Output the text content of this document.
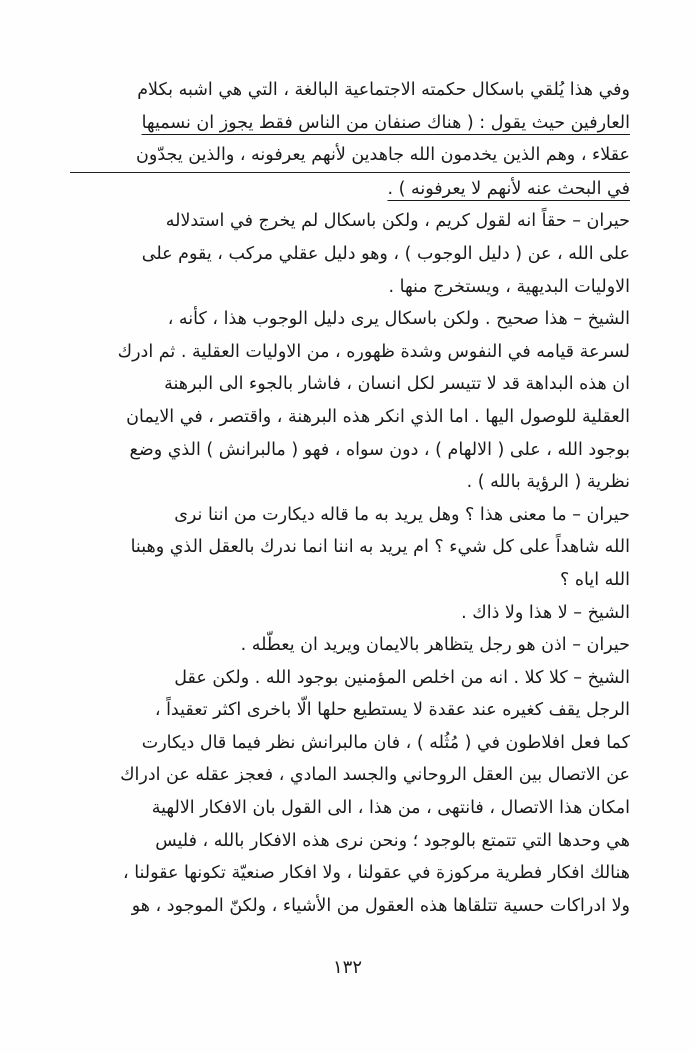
وفي هذا يُلقي باسكال حكمته الاجتماعية البالغة ، التي هي اشبه بكلام
العارفين حيث يقول : ( هناك صنفان من الناس فقط يجوز ان نسميها
عقلاء ، وهم الذين يخدمون الله جاهدين لأنهم يعرفونه ، والذين يجدّون
في البحث عنه لأنهم لا يعرفونه ) .
حيران – حقاً انه لقول كريم ، ولكن باسكال لم يخرج في استدلاله
على الله ، عن ( دليل الوجوب ) ، وهو دليل عقلي مركب ، يقوم على
الاوليات البديهية ، ويستخرج منها .
الشيخ – هذا صحيح . ولكن باسكال يرى دليل الوجوب هذا ، كأنه ،
لسرعة قيامه في النفوس وشدة ظهوره ، من الاوليات العقلية . ثم ادرك
ان هذه البداهة قد لا تتيسر لكل انسان ، فاشار بالجوء الى البرهنة
العقلية للوصول اليها . اما الذي انكر هذه البرهنة ، واقتصر ، في الايمان
بوجود الله ، على ( الالهام ) ، دون سواه ، فهو ( مالبرانش ) الذي وضع
نظرية ( الرؤية بالله ) .
حيران – ما معنى هذا ؟ وهل يريد به ما قاله ديكارت من اننا نرى
الله شاهداً على كل شيء ؟ ام يريد به اننا انما ندرك بالعقل الذي وهبنا
الله اياه ؟
الشيخ – لا هذا ولا ذاك .
حيران – اذن هو رجل يتظاهر بالايمان ويريد ان يعطّله .
الشيخ – كلا كلا . انه من اخلص المؤمنين بوجود الله . ولكن عقل
الرجل يقف كغيره عند عقدة لا يستطيع حلها الّا باخرى اكثر تعقيداً ،
كما فعل افلاطون في ( مُثُله ) ، فان مالبرانش نظر فيما قال ديكارت
عن الاتصال بين العقل الروحاني والجسد المادي ، فعجز عقله عن ادراك
امكان هذا الاتصال ، فانتهى ، من هذا ، الى القول بان الافكار الالهية
هي وحدها التي تتمتع بالوجود ؛ ونحن نرى هذه الافكار بالله ، فليس
هنالك افكار فطرية مركوزة في عقولنا ، ولا افكار صنعيّة تكونها عقولنا ،
ولا ادراكات حسية تتلقاها هذه العقول من الأشياء ، ولكنّ الموجود ، هو
١٣٢
